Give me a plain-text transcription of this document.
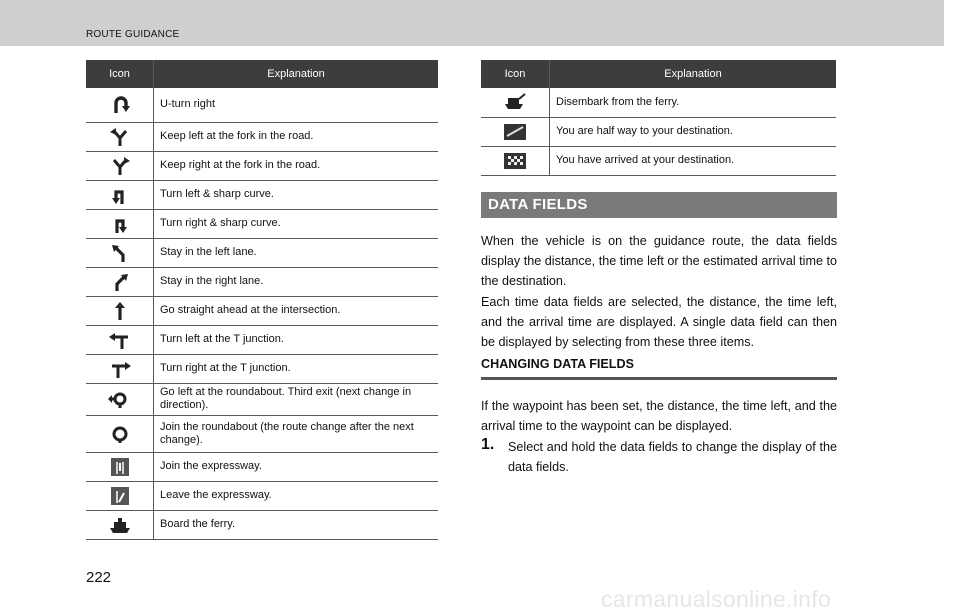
ROUTE GUIDANCE
Icon	Explanation

	U-turn right

	Keep left at the fork in the road.

	Keep right at the fork in the road.

	Turn left & sharp curve.

	Turn right & sharp curve.

	Stay in the left lane.

	Stay in the right lane.

	Go straight ahead at the intersection.

	Turn left at the T junction.

	Turn right at the T junction.

	Go left at the roundabout. Third exit (next change in direction).

	Join the roundabout (the route change after the next change).

	Join the expressway.

	Leave the expressway.

	Board the ferry.
Icon	Explanation

	Disembark from the ferry.

	You are half way to your destination.

	You have arrived at your destination.
DATA FIELDS
When the vehicle is on the guidance route, the data fields display the distance, the time left or the estimated arrival time to the destination.
Each time data fields are selected, the distance, the time left, and the arrival time are displayed. A single data field can then be displayed by selecting from these three items.
CHANGING DATA FIELDS
If the waypoint has been set, the distance, the time left, and the arrival time to the waypoint can be displayed.
1. Select and hold the data fields to change the display of the data fields.
222
carmanualsonline.info
